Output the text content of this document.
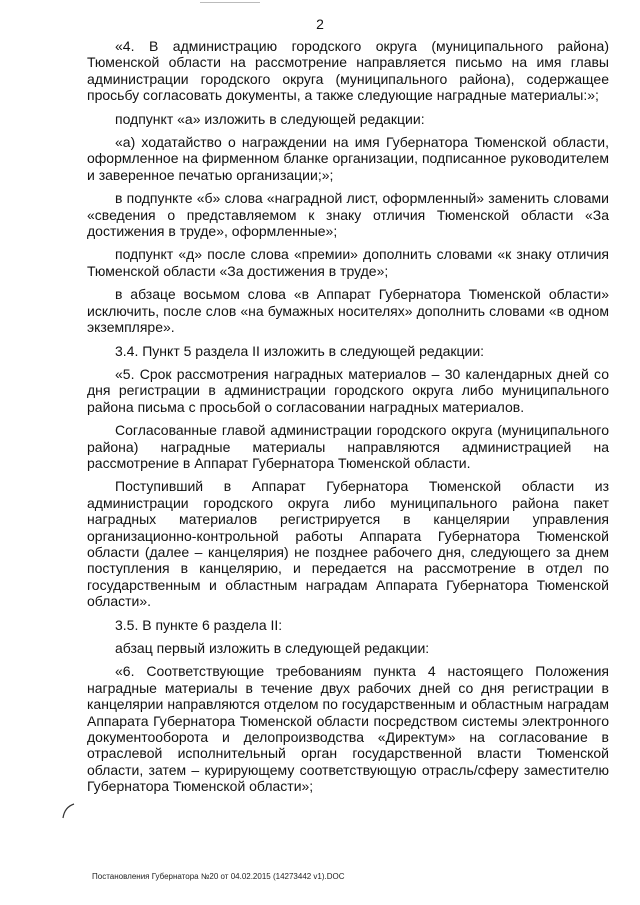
2

«4. В администрацию городского округа (муниципального района) Тюменской области на рассмотрение направляется письмо на имя главы администрации городского округа (муниципального района), содержащее просьбу согласовать документы, а также следующие наградные материалы:»;

подпункт «а» изложить в следующей редакции:

«а) ходатайство о награждении на имя Губернатора Тюменской области, оформленное на фирменном бланке организации, подписанное руководителем и заверенное печатью организации;»;

в подпункте «б» слова «наградной лист, оформленный» заменить словами «сведения о представляемом к знаку отличия Тюменской области «За достижения в труде», оформленные»;

подпункт «д» после слова «премии» дополнить словами «к знаку отличия Тюменской области «За достижения в труде»;

в абзаце восьмом слова «в Аппарат Губернатора Тюменской области» исключить, после слов «на бумажных носителях» дополнить словами «в одном экземпляре».

3.4. Пункт 5 раздела II изложить в следующей редакции:

«5. Срок рассмотрения наградных материалов – 30 календарных дней со дня регистрации в администрации городского округа либо муниципального района письма с просьбой о согласовании наградных материалов.

Согласованные главой администрации городского округа (муниципального района) наградные материалы направляются администрацией на рассмотрение в Аппарат Губернатора Тюменской области.

Поступивший в Аппарат Губернатора Тюменской области из администрации городского округа либо муниципального района пакет наградных материалов регистрируется в канцелярии управления организационно-контрольной работы Аппарата Губернатора Тюменской области (далее – канцелярия) не позднее рабочего дня, следующего за днем поступления в канцелярию, и передается на рассмотрение в отдел по государственным и областным наградам Аппарата Губернатора Тюменской области».

3.5. В пункте 6 раздела II:

абзац первый изложить в следующей редакции:

«6. Соответствующие требованиям пункта 4 настоящего Положения наградные материалы в течение двух рабочих дней со дня регистрации в канцелярии направляются отделом по государственным и областным наградам Аппарата Губернатора Тюменской области посредством системы электронного документооборота и делопроизводства «Директум» на согласование в отраслевой исполнительный орган государственной власти Тюменской области, затем – курирующему соответствующую отрасль/сферу заместителю Губернатора Тюменской области»;

Постановления Губернатора №20 от 04.02.2015 (14273442 v1).DOC
